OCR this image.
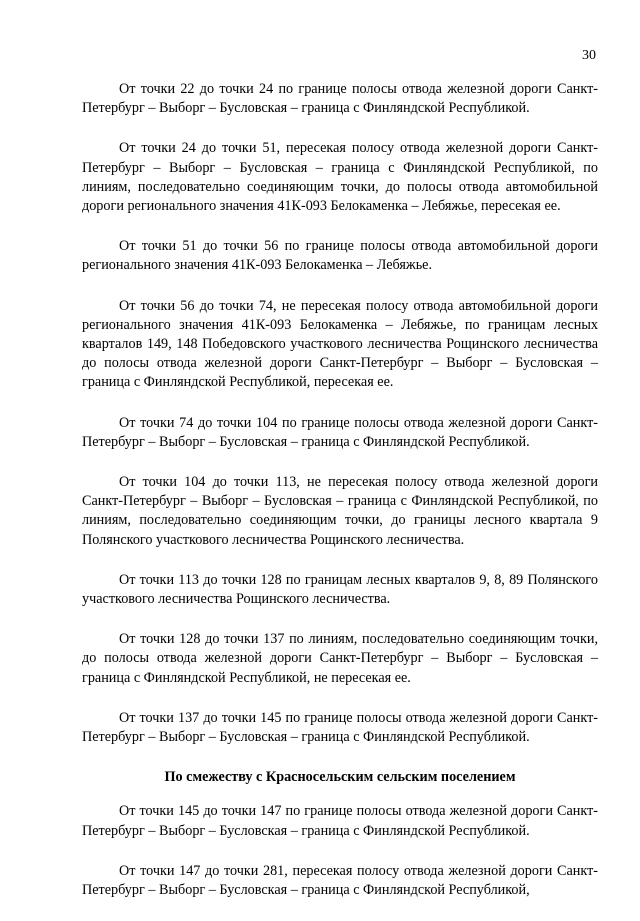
30

От точки 22 до точки 24 по границе полосы отвода железной дороги Санкт-Петербург – Выборг – Бусловская – граница с Финляндской Республикой.

От точки 24 до точки 51, пересекая полосу отвода железной дороги Санкт-Петербург – Выборг – Бусловская – граница с Финляндской Республикой, по линиям, последовательно соединяющим точки, до полосы отвода автомобильной дороги регионального значения 41К-093 Белокаменка – Лебяжье, пересекая ее.

От точки 51 до точки 56 по границе полосы отвода автомобильной дороги регионального значения 41К-093 Белокаменка – Лебяжье.

От точки 56 до точки 74, не пересекая полосу отвода автомобильной дороги регионального значения 41К-093 Белокаменка – Лебяжье, по границам лесных кварталов 149, 148 Победовского участкового лесничества Рощинского лесничества до полосы отвода железной дороги Санкт-Петербург – Выборг – Бусловская – граница с Финляндской Республикой, пересекая ее.

От точки 74 до точки 104 по границе полосы отвода железной дороги Санкт-Петербург – Выборг – Бусловская – граница с Финляндской Республикой.

От точки 104 до точки 113, не пересекая полосу отвода железной дороги Санкт-Петербург – Выборг – Бусловская – граница с Финляндской Республикой, по линиям, последовательно соединяющим точки, до границы лесного квартала 9 Полянского участкового лесничества Рощинского лесничества.

От точки 113 до точки 128 по границам лесных кварталов 9, 8, 89 Полянского участкового лесничества Рощинского лесничества.

От точки 128 до точки 137 по линиям, последовательно соединяющим точки, до полосы отвода железной дороги Санкт-Петербург – Выборг – Бусловская – граница с Финляндской Республикой, не пересекая ее.

От точки 137 до точки 145 по границе полосы отвода железной дороги Санкт-Петербург – Выборг – Бусловская – граница с Финляндской Республикой.

По смежеству с Красносельским сельским поселением

От точки 145 до точки 147 по границе полосы отвода железной дороги Санкт-Петербург – Выборг – Бусловская – граница с Финляндской Республикой.

От точки 147 до точки 281, пересекая полосу отвода железной дороги Санкт-Петербург – Выборг – Бусловская – граница с Финляндской Республикой,
